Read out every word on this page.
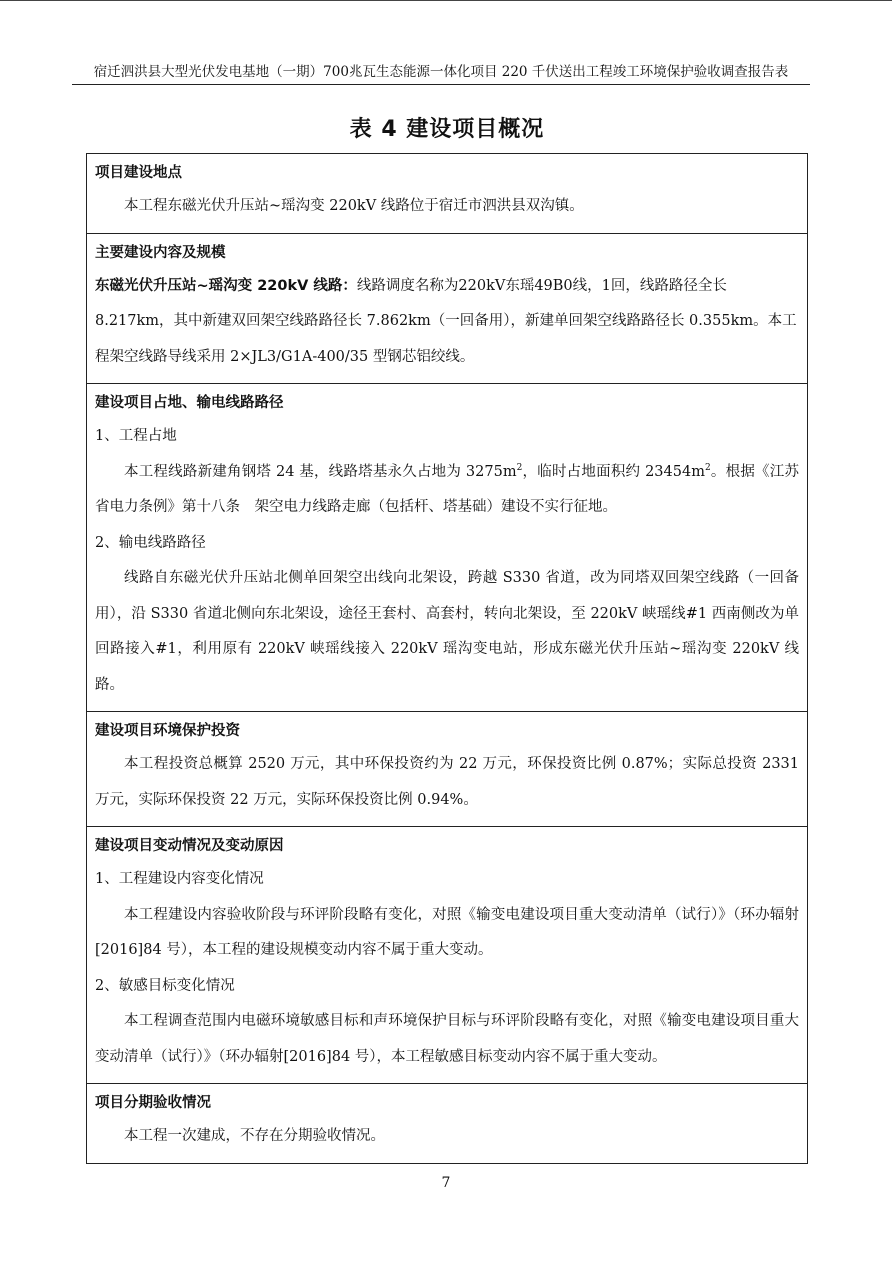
宿迁泗洪县大型光伏发电基地（一期）700兆瓦生态能源一体化项目 220 千伏送出工程竣工环境保护验收调查报告表
表 4 建设项目概况

项目建设地点

本工程东磁光伏升压站~瑶沟变 220kV 线路位于宿迁市泗洪县双沟镇。

主要建设内容及规模

东磁光伏升压站~瑶沟变 220kV 线路：线路调度名称为220kV东瑶49B0线，1回，线路路径全长8.217km，其中新建双回架空线路路径长 7.862km（一回备用），新建单回架空线路路径长 0.355km。本工程架空线路导线采用 2×JL3/G1A-400/35 型钢芯铝绞线。

建设项目占地、输电线路路径

1、工程占地

本工程线路新建角钢塔 24 基，线路塔基永久占地为 $3275m^2$，临时占地面积约 $23454m^2$。根据《江苏省电力条例》第十八条　架空电力线路走廊（包括杆、塔基础）建设不实行征地。

2、输电线路路径

线路自东磁光伏升压站北侧单回架空出线向北架设，跨越 S330 省道，改为同塔双回架空线路（一回备用），沿 S330 省道北侧向东北架设，途径王套村、高套村，转向北架设，至 220kV 峡瑶线#1 西南侧改为单回路接入#1，利用原有 220kV 峡瑶线接入 220kV 瑶沟变电站，形成东磁光伏升压站~瑶沟变 220kV 线路。

建设项目环境保护投资

本工程投资总概算 2520 万元，其中环保投资约为 22 万元，环保投资比例 0.87%；实际总投资 2331 万元，实际环保投资 22 万元，实际环保投资比例 0.94%。

建设项目变动情况及变动原因

1、工程建设内容变化情况

本工程建设内容验收阶段与环评阶段略有变化，对照《输变电建设项目重大变动清单（试行）》（环办辐射[2016]84 号），本工程的建设规模变动内容不属于重大变动。

2、敏感目标变化情况

本工程调查范围内电磁环境敏感目标和声环境保护目标与环评阶段略有变化，对照《输变电建设项目重大变动清单（试行）》（环办辐射[2016]84 号），本工程敏感目标变动内容不属于重大变动。

项目分期验收情况

本工程一次建成，不存在分期验收情况。

7
